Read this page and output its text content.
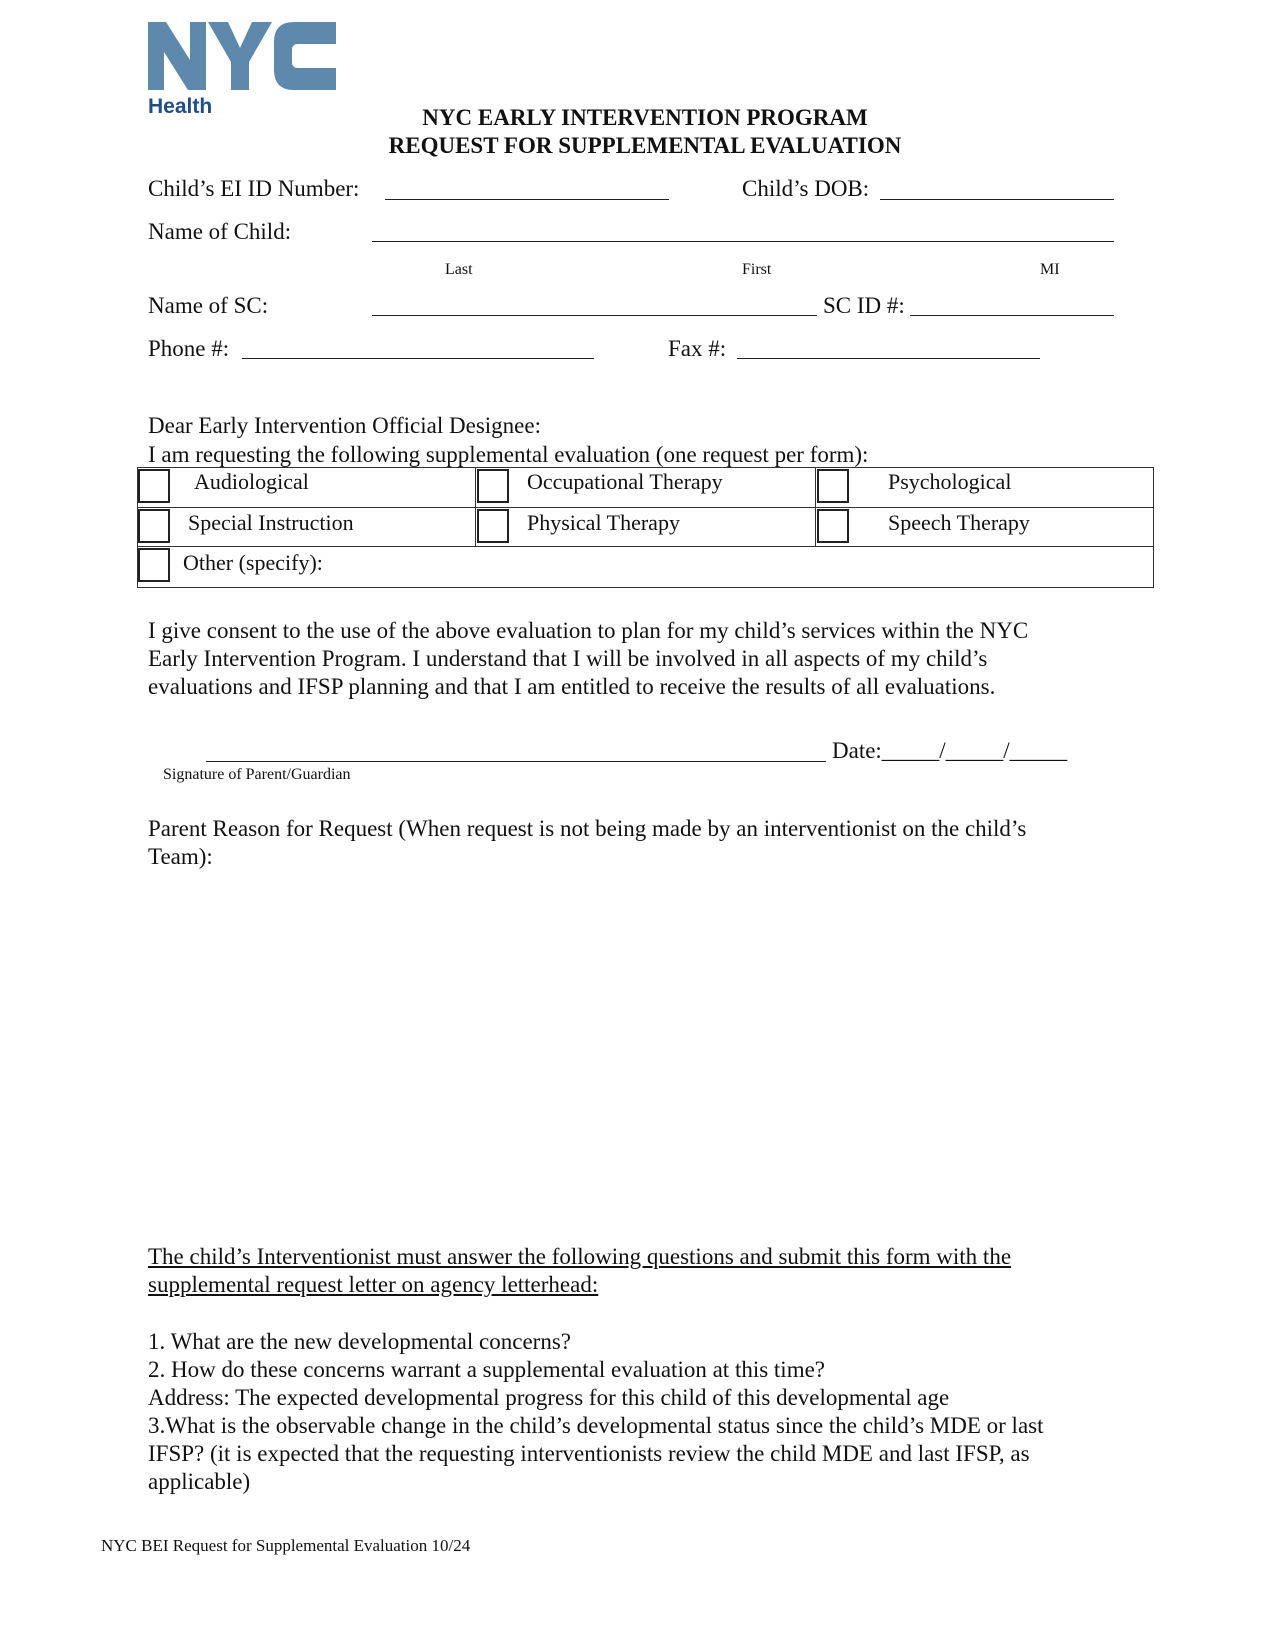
Health	NYC EARLY INTERVENTION PROGRAM
REQUEST FOR SUPPLEMENTAL EVALUATION
Child’s EI ID Number:	Child’s DOB:
Name of Child:
Last	First	MI
Name of SC:	SC ID #:
Phone #:	Fax #:
Dear Early Intervention Official Designee:
I am requesting the following supplemental evaluation (one request per form):
Audiological	Occupational Therapy	Psychological
Special Instruction	Physical Therapy	Speech Therapy
Other (specify):
I give consent to the use of the above evaluation to plan for my child’s services within the NYC
Early Intervention Program. I understand that I will be involved in all aspects of my child’s
evaluations and IFSP planning and that I am entitled to receive the results of all evaluations.
Date:_____/_____/_____
Signature of Parent/Guardian
Parent Reason for Request (When request is not being made by an interventionist on the child’s
Team):
The child’s Interventionist must answer the following questions and submit this form with the
supplemental request letter on agency letterhead:
1. What are the new developmental concerns?
2. How do these concerns warrant a supplemental evaluation at this time?
Address: The expected developmental progress for this child of this developmental age
3.What is the observable change in the child’s developmental status since the child’s MDE or last
IFSP? (it is expected that the requesting interventionists review the child MDE and last IFSP, as
applicable)
NYC BEI Request for Supplemental Evaluation 10/24
